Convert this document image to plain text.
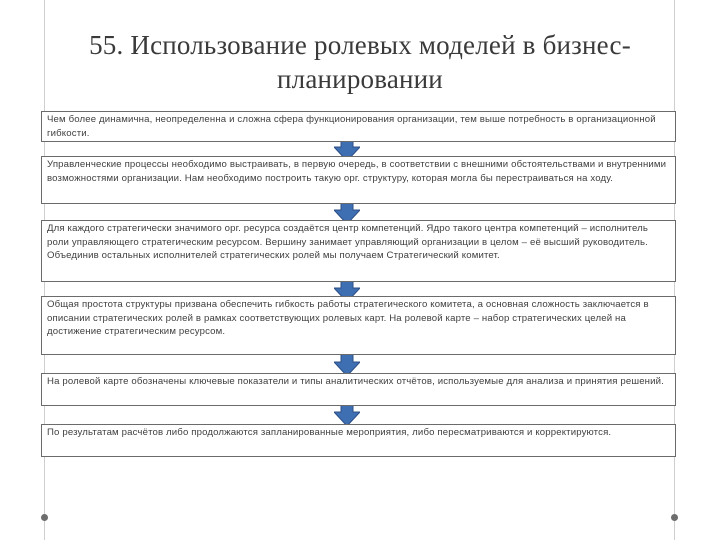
55. Использование ролевых моделей в бизнес-планировании
Чем более динамична, неопределенна и сложна сфера функционирования организации, тем выше потребность в организационной гибкости.
Управленческие процессы необходимо выстраивать, в первую очередь, в соответствии с внешними обстоятельствами и внутренними возможностями организации. Нам необходимо построить такую орг. структуру, которая могла бы перестраиваться на ходу.
Для каждого стратегически значимого орг. ресурса создаётся центр компетенций. Ядро такого центра компетенций – исполнитель роли управляющего стратегическим ресурсом. Вершину занимает управляющий организации в целом – её высший руководитель. Объединив остальных исполнителей стратегических ролей мы получаем Стратегический комитет.
Общая простота структуры призвана обеспечить гибкость работы стратегического комитета, а основная сложность заключается в описании стратегических ролей в рамках соответствующих ролевых карт. На ролевой карте – набор стратегических целей на достижение стратегическим ресурсом.
На ролевой карте обозначены ключевые показатели и типы аналитических отчётов, используемые для анализа и принятия решений.
По результатам расчётов либо продолжаются запланированные мероприятия, либо пересматриваются и корректируются.
